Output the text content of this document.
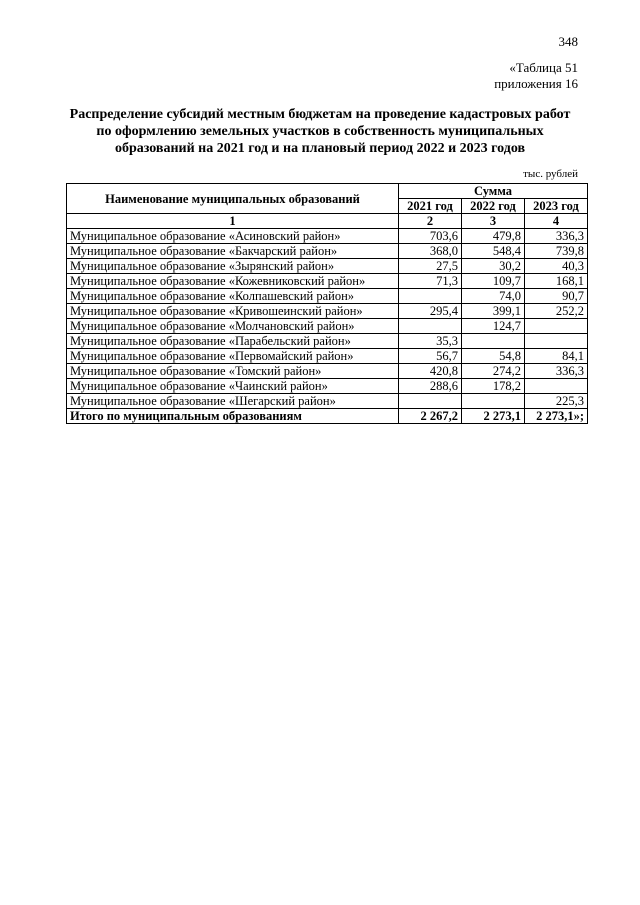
348
«Таблица 51
приложения 16
Распределение субсидий местным бюджетам на проведение кадастровых работ по оформлению земельных участков в собственность муниципальных образований на 2021 год и на плановый период 2022 и 2023 годов
тыс. рублей
Наименование муниципальных образований	Сумма		
	2021 год	2022 год	2023 год
1	2	3	4
Муниципальное образование «Асиновский район»	703,6	479,8	336,3
Муниципальное образование «Бакчарский район»	368,0	548,4	739,8
Муниципальное образование «Зырянский район»	27,5	30,2	40,3
Муниципальное образование «Кожевниковский район»	71,3	109,7	168,1
Муниципальное образование «Колпашевский район»		74,0	90,7
Муниципальное образование «Кривошеинский район»	295,4	399,1	252,2
Муниципальное образование «Молчановский район»		124,7	
Муниципальное образование «Парабельский район»	35,3		
Муниципальное образование «Первомайский район»	56,7	54,8	84,1
Муниципальное образование «Томский район»	420,8	274,2	336,3
Муниципальное образование «Чаинский район»	288,6	178,2	
Муниципальное образование «Шегарский район»			225,3
Итого по муниципальным образованиям	2 267,2	2 273,1	2 273,1»;
